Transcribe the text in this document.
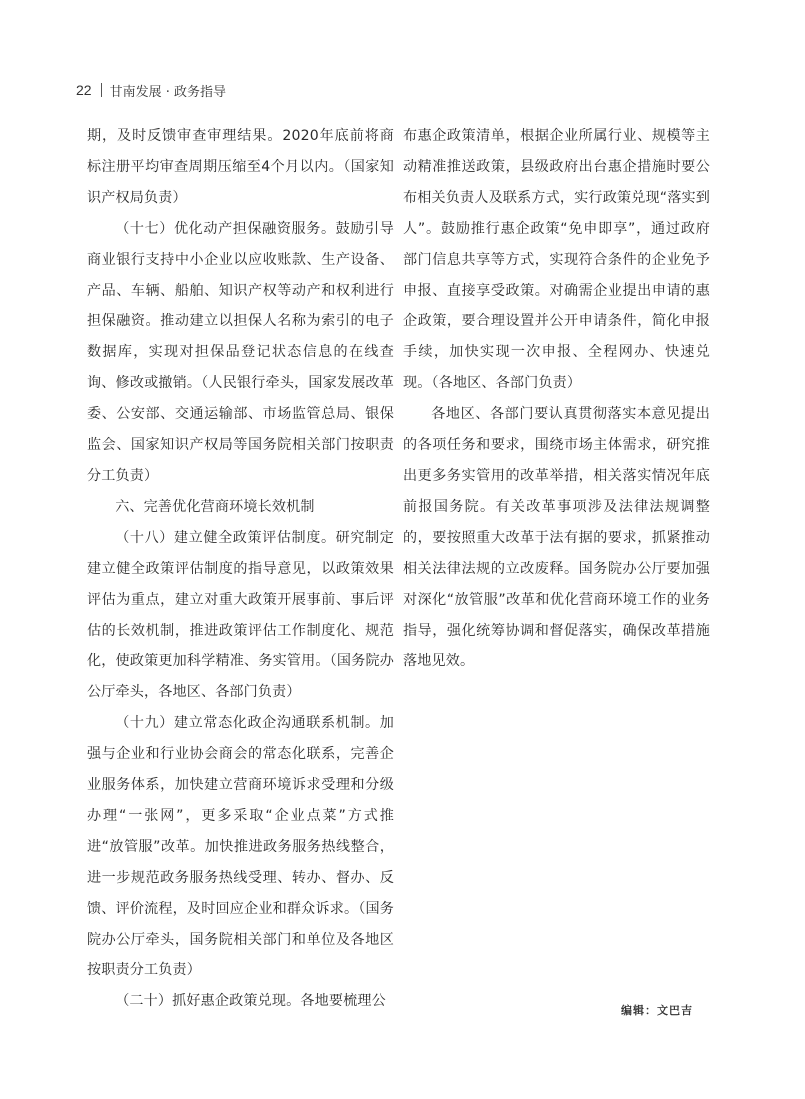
22 甘南发展 · 政务指导

期，及时反馈审查审理结果。2020年底前将商标注册平均审查周期压缩至4个月以内。（国家知识产权局负责）

（十七）优化动产担保融资服务。鼓励引导商业银行支持中小企业以应收账款、生产设备、产品、车辆、船舶、知识产权等动产和权利进行担保融资。推动建立以担保人名称为索引的电子数据库，实现对担保品登记状态信息的在线查询、修改或撤销。（人民银行牵头，国家发展改革委、公安部、交通运输部、市场监管总局、银保监会、国家知识产权局等国务院相关部门按职责分工负责）

六、完善优化营商环境长效机制

（十八）建立健全政策评估制度。研究制定建立健全政策评估制度的指导意见，以政策效果评估为重点，建立对重大政策开展事前、事后评估的长效机制，推进政策评估工作制度化、规范化，使政策更加科学精准、务实管用。（国务院办公厅牵头，各地区、各部门负责）

（十九）建立常态化政企沟通联系机制。加强与企业和行业协会商会的常态化联系，完善企业服务体系，加快建立营商环境诉求受理和分级办理“一张网”，更多采取“企业点菜”方式推进“放管服”改革。加快推进政务服务热线整合，进一步规范政务服务热线受理、转办、督办、反馈、评价流程，及时回应企业和群众诉求。（国务院办公厅牵头，国务院相关部门和单位及各地区按职责分工负责）

（二十）抓好惠企政策兑现。各地要梳理公

布惠企政策清单，根据企业所属行业、规模等主动精准推送政策，县级政府出台惠企措施时要公布相关负责人及联系方式，实行政策兑现“落实到人”。鼓励推行惠企政策“免申即享”，通过政府部门信息共享等方式，实现符合条件的企业免予申报、直接享受政策。对确需企业提出申请的惠企政策，要合理设置并公开申请条件，简化申报手续，加快实现一次申报、全程网办、快速兑现。（各地区、各部门负责）

各地区、各部门要认真贯彻落实本意见提出的各项任务和要求，围绕市场主体需求，研究推出更多务实管用的改革举措，相关落实情况年底前报国务院。有关改革事项涉及法律法规调整的，要按照重大改革于法有据的要求，抓紧推动相关法律法规的立改废释。国务院办公厅要加强对深化“放管服”改革和优化营商环境工作的业务指导，强化统筹协调和督促落实，确保改革措施落地见效。

编辑：文巴吉
